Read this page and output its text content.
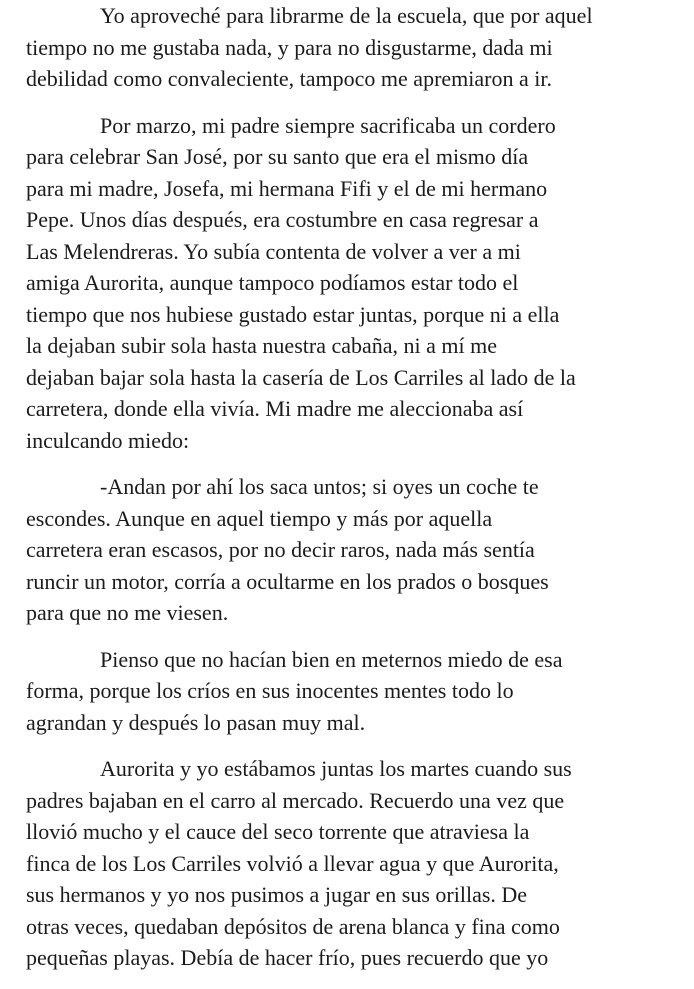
Yo aproveché para librarme de la escuela, que por aquel
tiempo no me gustaba nada, y para no disgustarme, dada mi
debilidad como convaleciente, tampoco me apremiaron a ir.
Por marzo, mi padre siempre sacrificaba un cordero
para celebrar San José, por su santo que era el mismo día
para mi madre, Josefa, mi hermana Fifi y el de mi hermano
Pepe. Unos días después, era costumbre en casa regresar a
Las Melendreras. Yo subía contenta de volver a ver a mi
amiga Aurorita, aunque tampoco podíamos estar todo el
tiempo que nos hubiese gustado estar juntas, porque ni a ella
la dejaban subir sola hasta nuestra cabaña, ni a mí me
dejaban bajar sola hasta la casería de Los Carriles al lado de la
carretera, donde ella vivía. Mi madre me aleccionaba así
inculcando miedo:
-Andan por ahí los saca untos; si oyes un coche te
escondes. Aunque en aquel tiempo y más por aquella
carretera eran escasos, por no decir raros, nada más sentía
runcir un motor, corría a ocultarme en los prados o bosques
para que no me viesen.
Pienso que no hacían bien en meternos miedo de esa
forma, porque los críos en sus inocentes mentes todo lo
agrandan y después lo pasan muy mal.
Aurorita y yo estábamos juntas los martes cuando sus
padres bajaban en el carro al mercado. Recuerdo una vez que
llovió mucho y el cauce del seco torrente que atraviesa la
finca de los Los Carriles volvió a llevar agua y que Aurorita,
sus hermanos y yo nos pusimos a jugar en sus orillas. De
otras veces, quedaban depósitos de arena blanca y fina como
pequeñas playas. Debía de hacer frío, pues recuerdo que yo
